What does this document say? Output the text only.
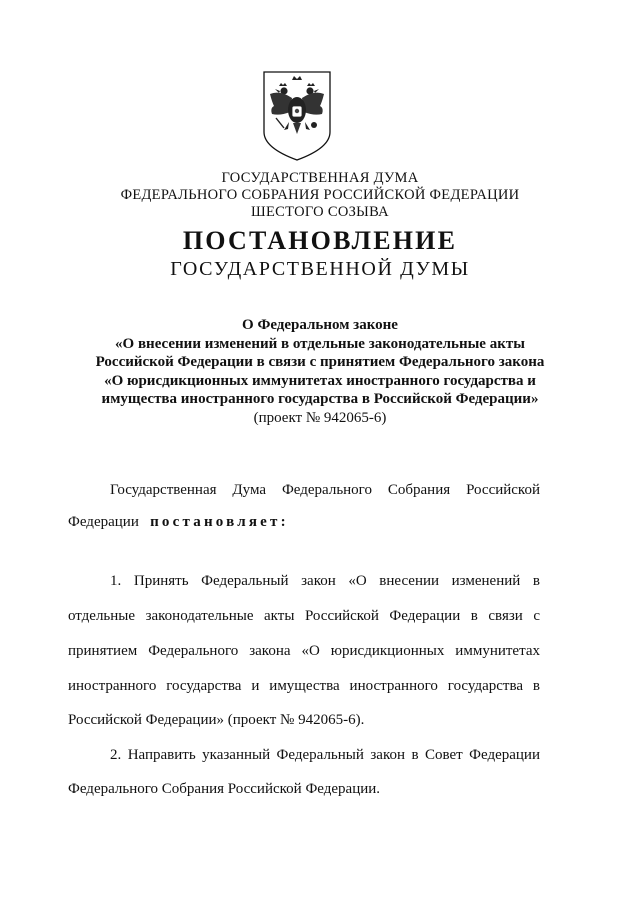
ГОСУДАРСТВЕННАЯ ДУМА

ФЕДЕРАЛЬНОГО СОБРАНИЯ РОССИЙСКОЙ ФЕДЕРАЦИИ

ШЕСТОГО СОЗЫВА

ПОСТАНОВЛЕНИЕ

ГОСУДАРСТВЕННОЙ ДУМЫ

О Федеральном законе

«О внесении изменений в отдельные законодательные акты

Российской Федерации в связи с принятием Федерального закона

«О юрисдикционных иммунитетах иностранного государства и

имущества иностранного государства в Российской Федерации»

(проект № 942065-6)

Государственная Дума Федерального Собрания Российской

Федерации постановляет:

1. Принять Федеральный закон «О внесении изменений в

отдельные законодательные акты Российской Федерации в связи с

принятием Федерального закона «О юрисдикционных иммунитетах

иностранного государства и имущества иностранного государства в

Российской Федерации» (проект № 942065-6).

2. Направить указанный Федеральный закон в Совет Федерации

Федерального Собрания Российской Федерации.
